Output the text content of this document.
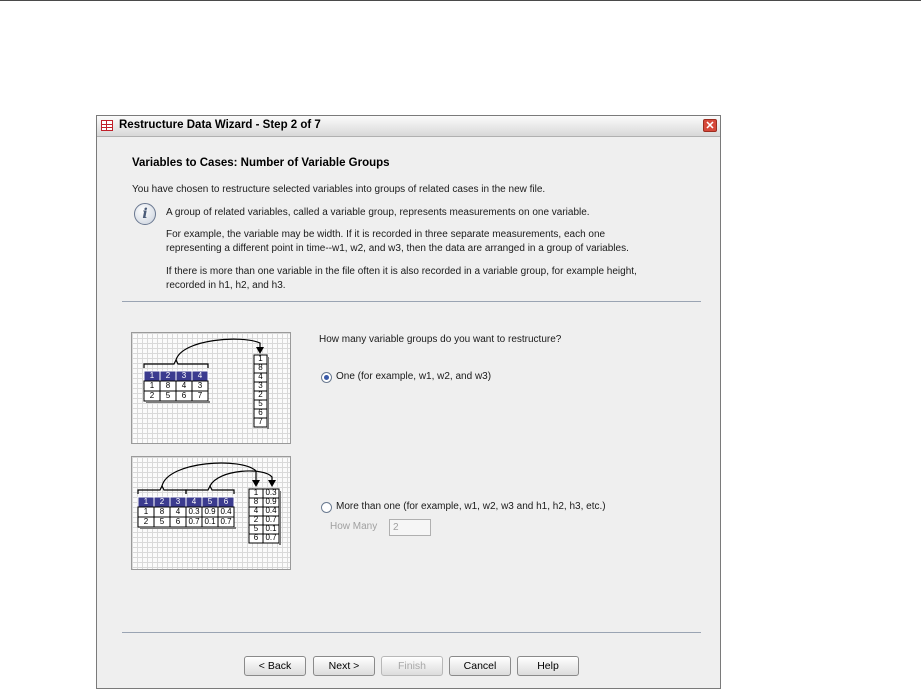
Restructure Data Wizard - Step 2 of 7	✕
Variables to Cases: Number of Variable Groups
You have chosen to restructure selected variables into groups of related cases in the new file.
i	A group of related variables, called a variable group, represents measurements on one variable.
For example, the variable may be width. If it is recorded in three separate measurements, each one
representing a different point in time--w1, w2, and w3, then the data are arranged in a group of variables.
If there is more than one variable in the file often it is also recorded in a variable group, for example height,
recorded in h1, h2, and h3.
1 2 3 4
1 8 4 3
2 5 6 7
1
8
4
3
2
5
6
7
1 2 3 4 5 6
1 8 4 0.3 0.9 0.4
2 5 6 0.7 0.1 0.7
1 0.3
8 0.9
4 0.4
2 0.7
5 0.1
6 0.7
How many variable groups do you want to restructure?
One (for example, w1, w2, and w3)
More than one (for example, w1, w2, w3 and h1, h2, h3, etc.)
How Many	2
< Back	Next >	Finish	Cancel	Help
